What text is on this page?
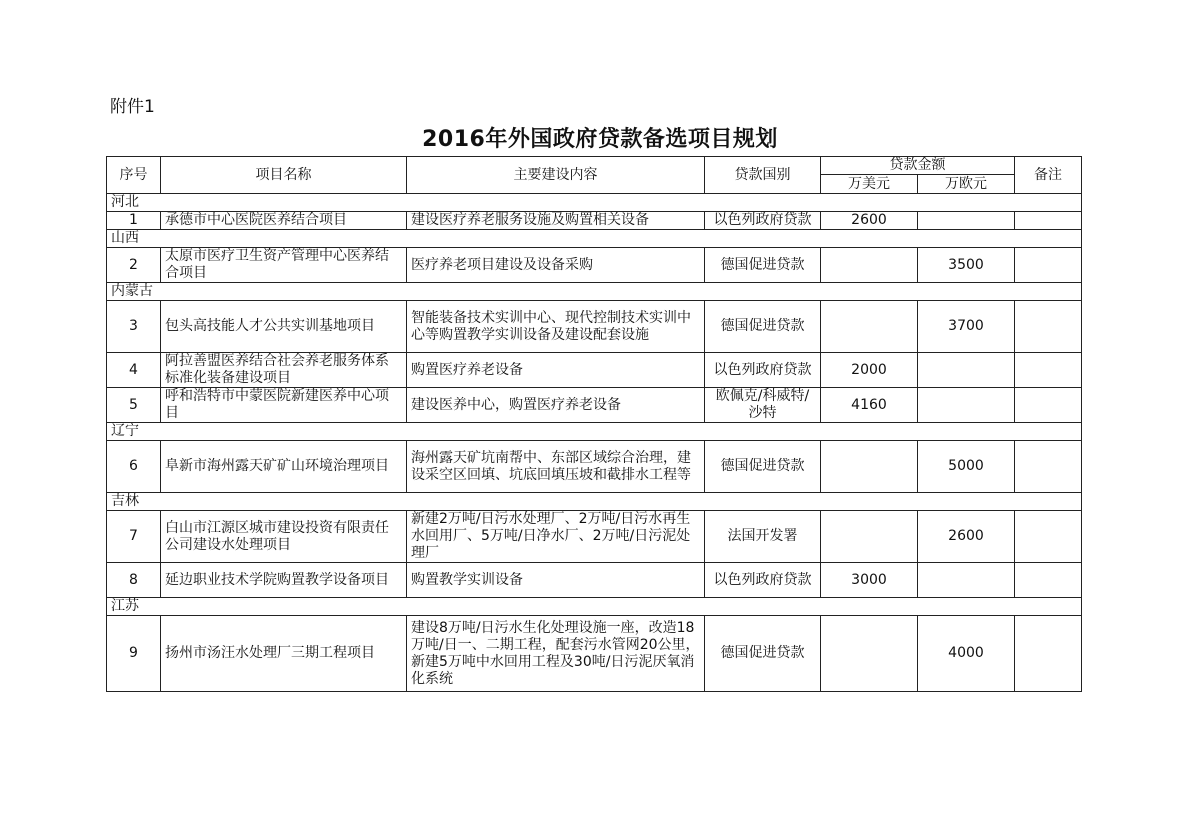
附件1
2016年外国政府贷款备选项目规划
序号	项目名称	主要建设内容	贷款国别	贷款金额		备注
				万美元	万欧元	
河北						
1	承德市中心医院医养结合项目	建设医疗养老服务设施及购置相关设备	以色列政府贷款	2600		
山西						
2	太原市医疗卫生资产管理中心医养结合项目	医疗养老项目建设及设备采购	德国促进贷款		3500	
内蒙古						
3	包头高技能人才公共实训基地项目	智能装备技术实训中心、现代控制技术实训中心等购置教学实训设备及建设配套设施	德国促进贷款		3700	
4	阿拉善盟医养结合社会养老服务体系标准化装备建设项目	购置医疗养老设备	以色列政府贷款	2000		
5	呼和浩特市中蒙医院新建医养中心项目	建设医养中心，购置医疗养老设备	欧佩克/科威特/沙特	4160		
辽宁						
6	阜新市海州露天矿矿山环境治理项目	海州露天矿坑南帮中、东部区域综合治理，建设采空区回填、坑底回填压坡和截排水工程等	德国促进贷款		5000	
吉林						
7	白山市江源区城市建设投资有限责任公司建设水处理项目	新建2万吨/日污水处理厂、2万吨/日污水再生水回用厂、5万吨/日净水厂、2万吨/日污泥处理厂	法国开发署		2600	
8	延边职业技术学院购置教学设备项目	购置教学实训设备	以色列政府贷款	3000		
江苏						
9	扬州市汤汪水处理厂三期工程项目	建设8万吨/日污水生化处理设施一座，改造18万吨/日一、二期工程，配套污水管网20公里，新建5万吨中水回用工程及30吨/日污泥厌氧消化系统	德国促进贷款		4000	
